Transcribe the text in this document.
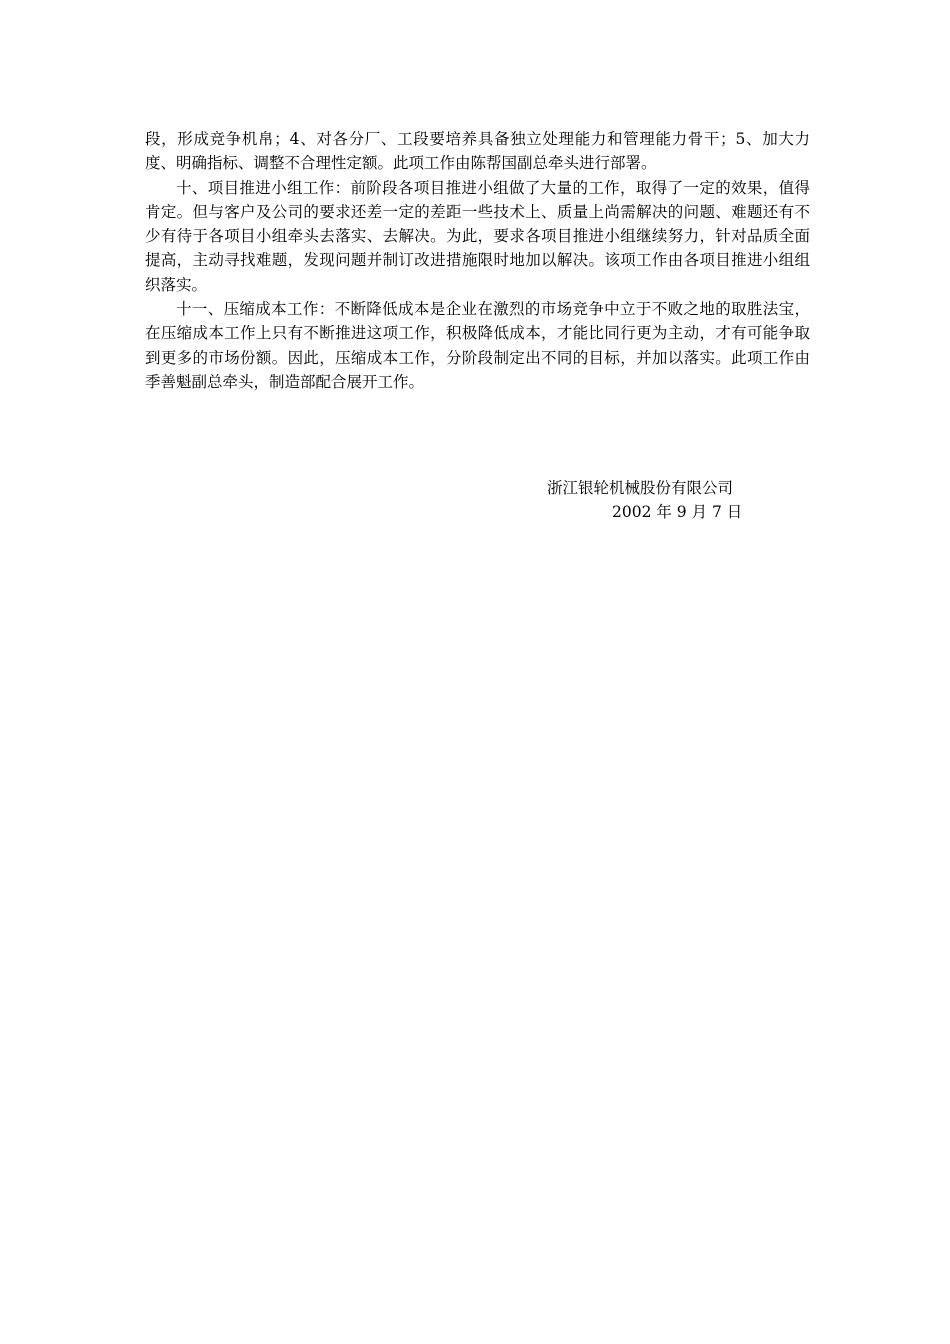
段，形成竞争机帛；4、对各分厂、工段要培养具备独立处理能力和管理能力骨干；5、加大力度、明确指标、调整不合理性定额。此项工作由陈帮国副总牵头进行部署。

十、项目推进小组工作：前阶段各项目推进小组做了大量的工作，取得了一定的效果，值得肯定。但与客户及公司的要求还差一定的差距一些技术上、质量上尚需解决的问题、难题还有不少有待于各项目小组牵头去落实、去解决。为此，要求各项目推进小组继续努力，针对品质全面提高，主动寻找难题，发现问题并制订改进措施限时地加以解决。该项工作由各项目推进小组组织落实。

十一、压缩成本工作：不断降低成本是企业在激烈的市场竞争中立于不败之地的取胜法宝，在压缩成本工作上只有不断推进这项工作，积极降低成本，才能比同行更为主动，才有可能争取到更多的市场份额。因此，压缩成本工作，分阶段制定出不同的目标，并加以落实。此项工作由季善魁副总牵头，制造部配合展开工作。

浙江银轮机械股份有限公司
2002 年 9 月 7 日
